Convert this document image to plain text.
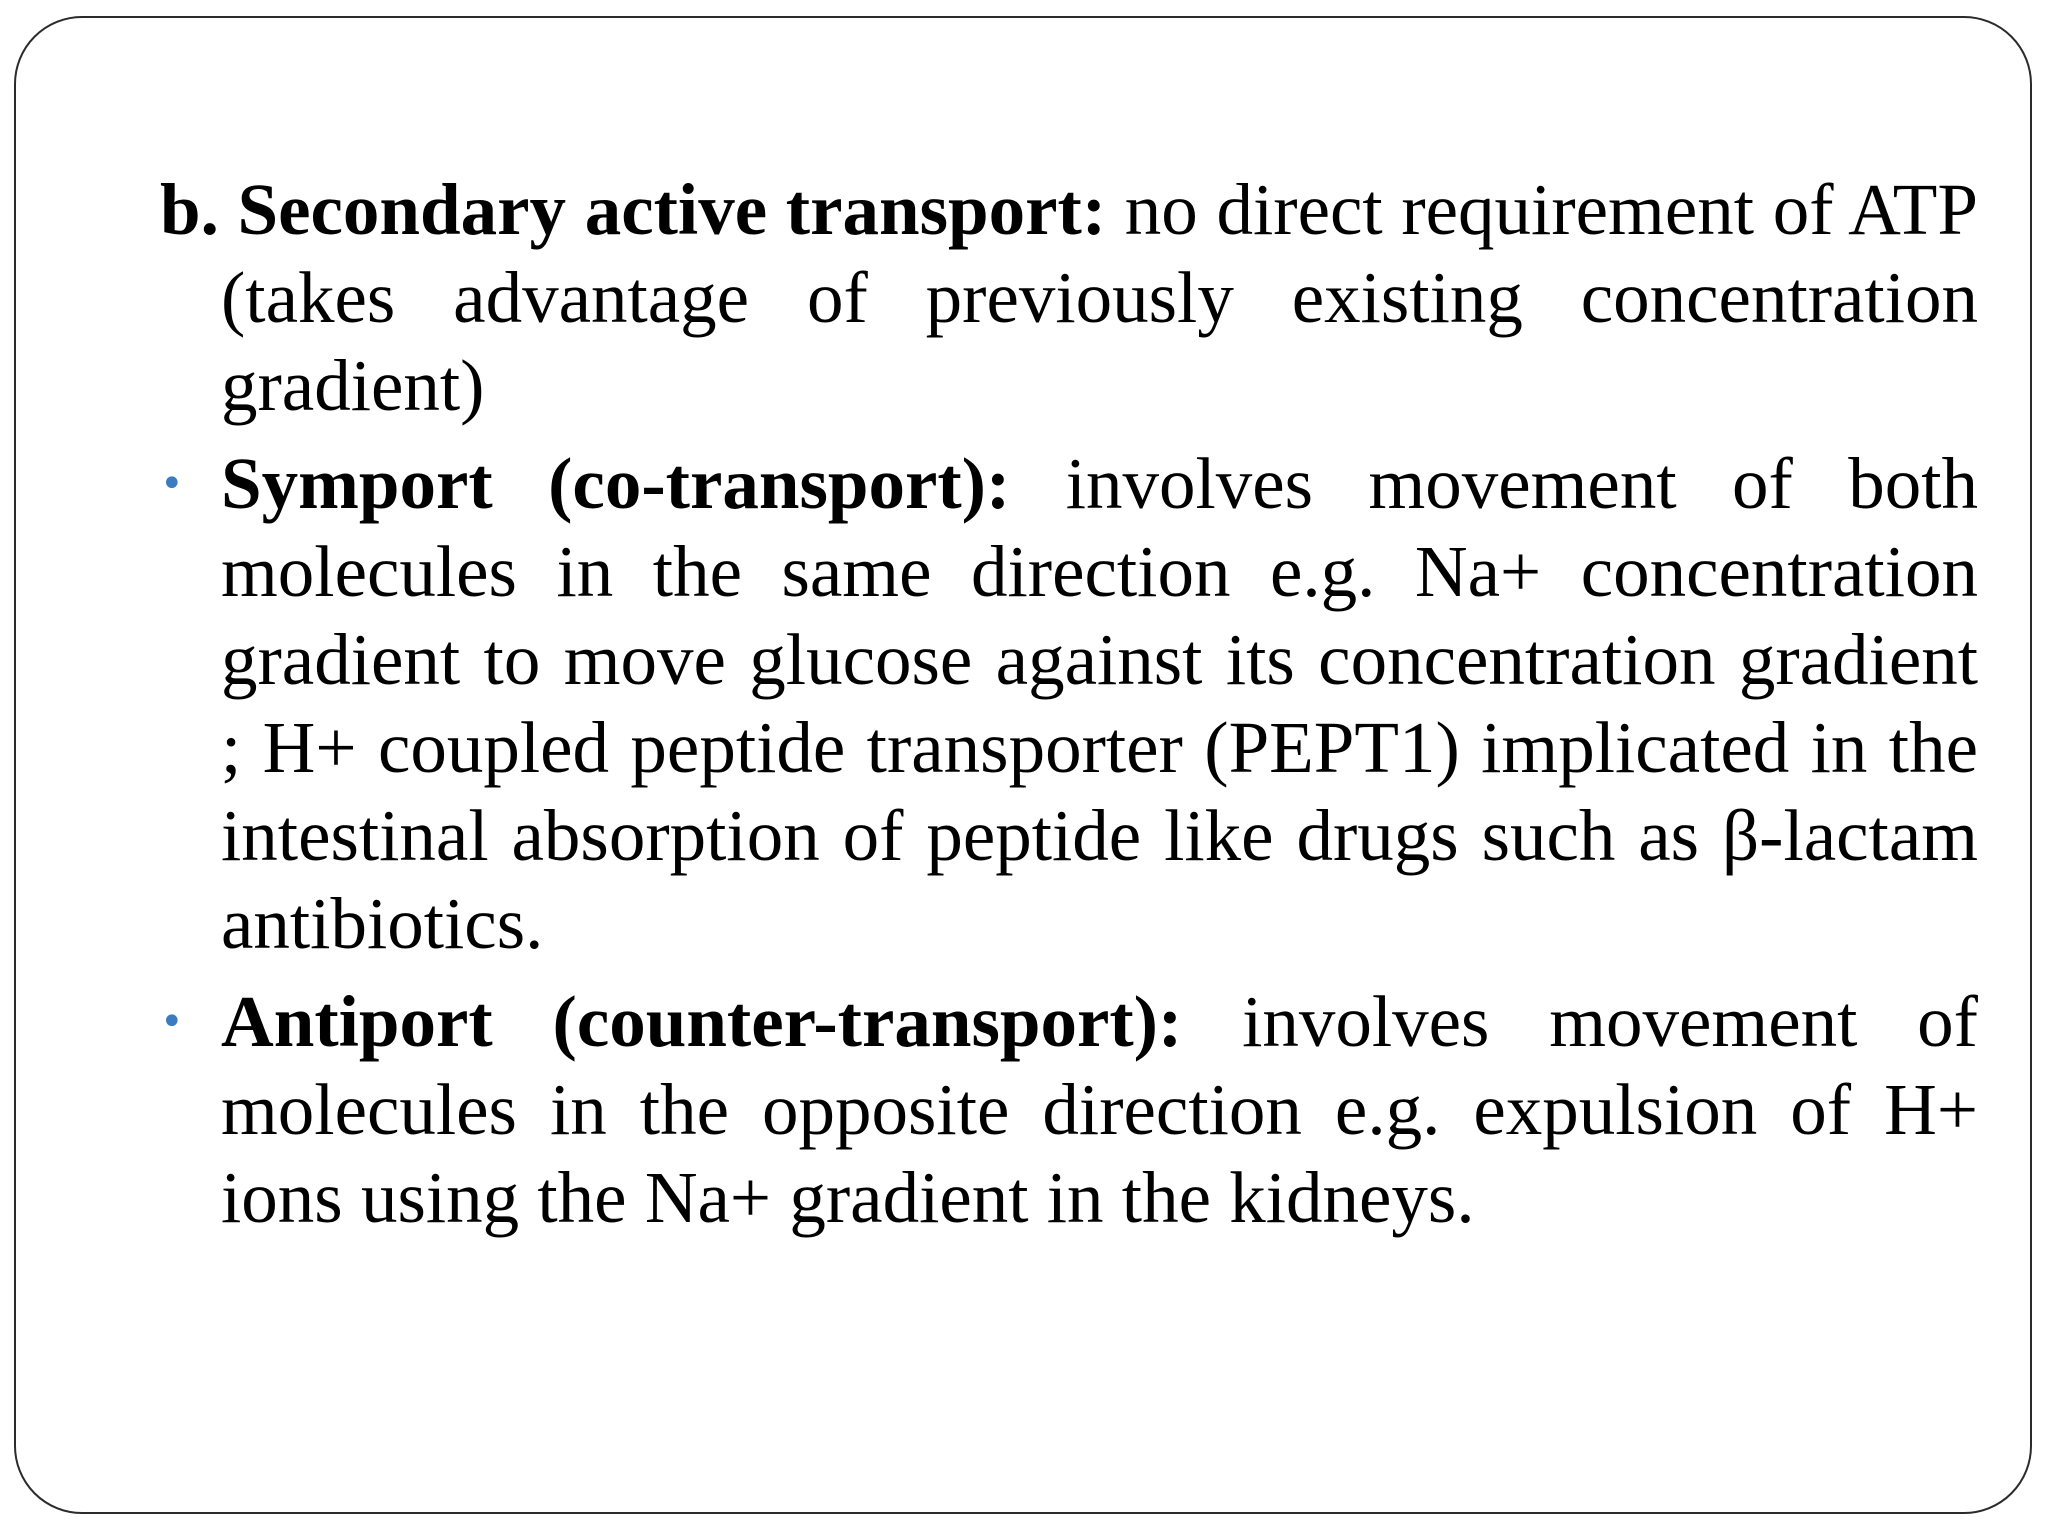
b. Secondary active transport: no direct requirement of ATP (takes advantage of previously existing concentration gradient)

• Symport (co-transport): involves movement of both molecules in the same direction e.g. Na+ concentration gradient to move glucose against its concentration gradient ; H+ coupled peptide transporter (PEPT1) implicated in the intestinal absorption of peptide like drugs such as β-lactam antibiotics.

• Antiport (counter-transport): involves movement of molecules in the opposite direction e.g. expulsion of H+ ions using the Na+ gradient in the kidneys.
